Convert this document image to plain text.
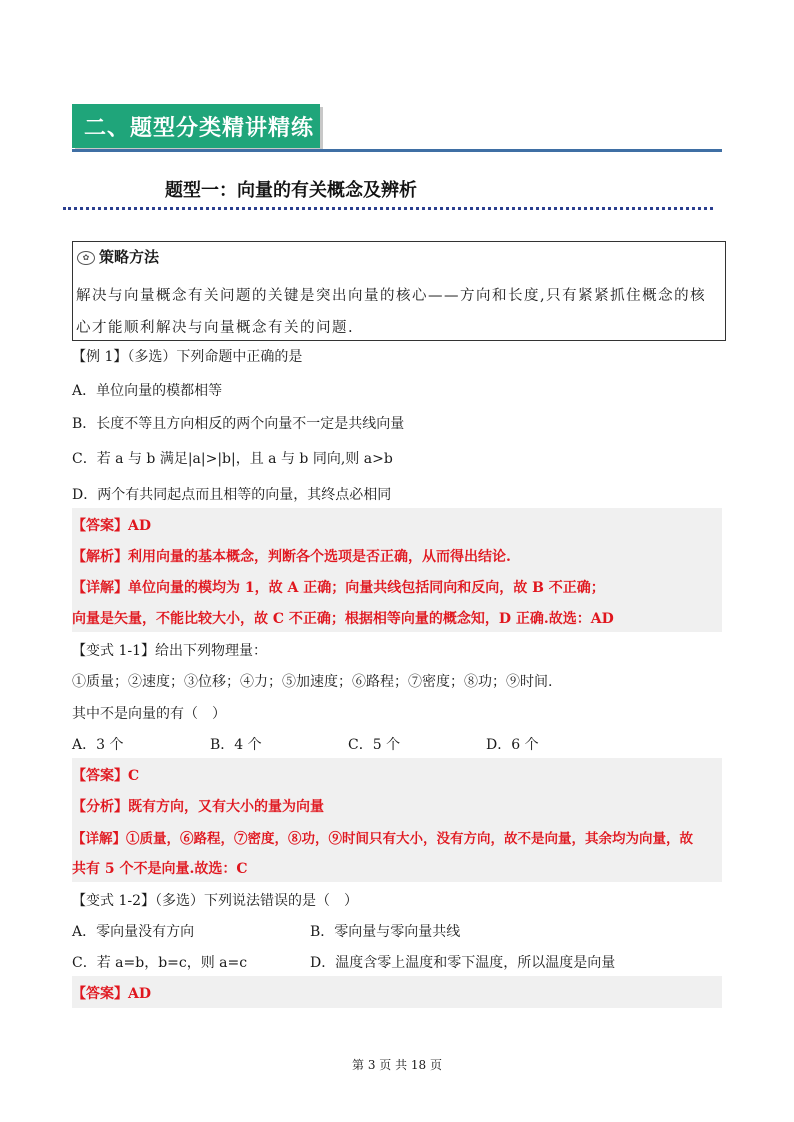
二、题型分类精讲精练
题型一：向量的有关概念及辨析
✿ 策略方法
解决与向量概念有关问题的关键是突出向量的核心——方向和长度,只有紧紧抓住概念的核心才能顺利解决与向量概念有关的问题.
【例 1】（多选）下列命题中正确的是
A．单位向量的模都相等
B．长度不等且方向相反的两个向量不一定是共线向量
C．若 a 与 b 满足|a|>|b|，且 a 与 b 同向,则 a>b
D．两个有共同起点而且相等的向量，其终点必相同
【答案】AD
【解析】利用向量的基本概念，判断各个选项是否正确，从而得出结论.
【详解】单位向量的模均为 1，故 A 正确；向量共线包括同向和反向，故 B 不正确；
向量是矢量，不能比较大小，故 C 不正确；根据相等向量的概念知，D 正确.故选：AD
【变式 1-1】给出下列物理量：
①质量；②速度；③位移；④力；⑤加速度；⑥路程；⑦密度；⑧功；⑨时间.
其中不是向量的有（　）
A．3 个	B．4 个	C．5 个	D．6 个
【答案】C
【分析】既有方向，又有大小的量为向量
【详解】①质量，⑥路程，⑦密度，⑧功，⑨时间只有大小，没有方向，故不是向量，其余均为向量，故
共有 5 个不是向量.故选：C
【变式 1-2】（多选）下列说法错误的是（　）
A．零向量没有方向	B．零向量与零向量共线
C．若 a=b，b=c，则 a=c	D．温度含零上温度和零下温度，所以温度是向量
【答案】AD
第 3 页 共 18 页
